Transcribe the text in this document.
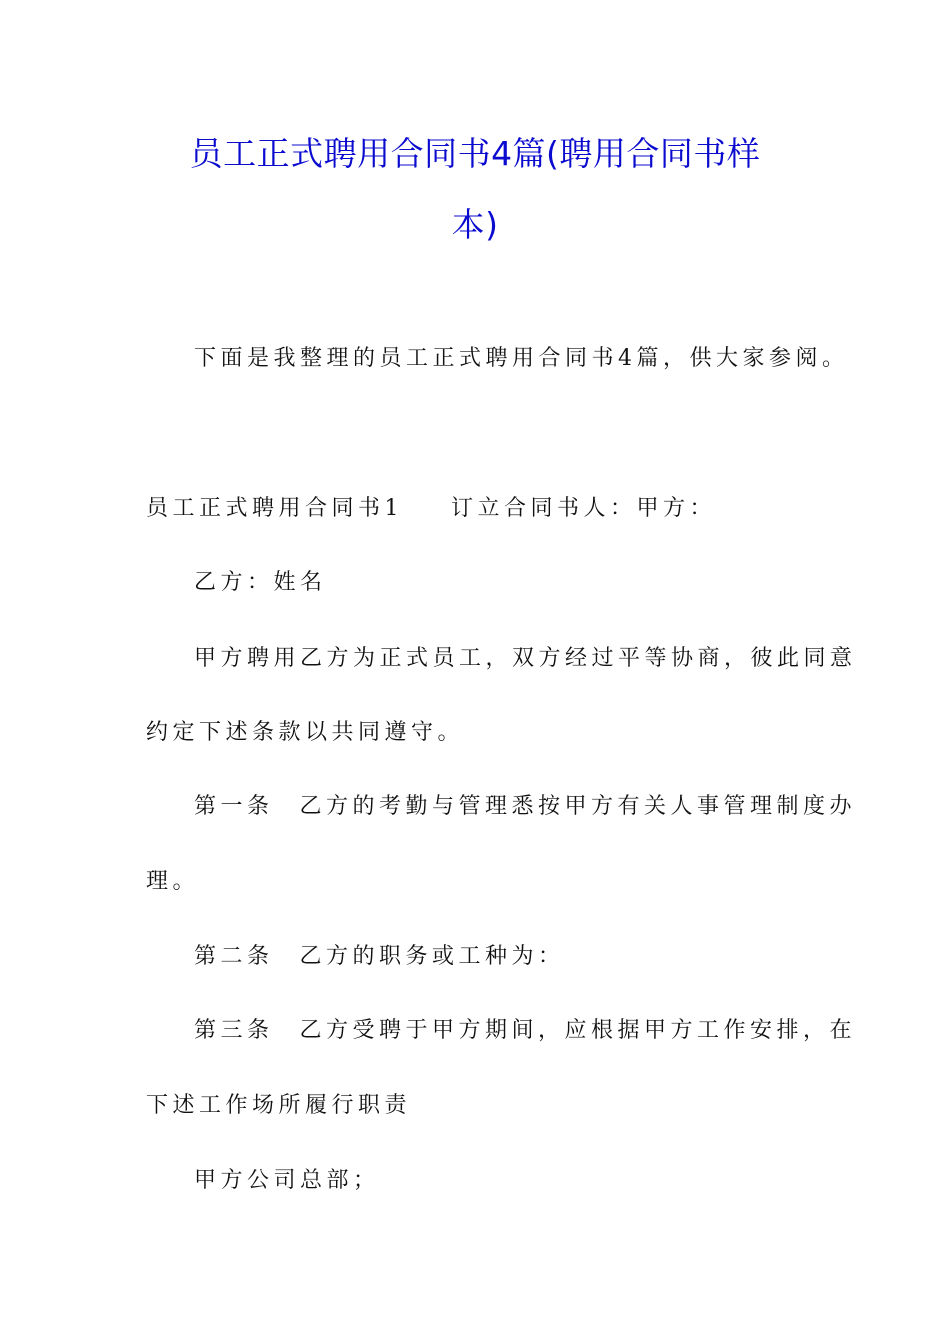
员工正式聘用合同书4篇(聘用合同书样
本)
下面是我整理的员工正式聘用合同书4篇，供大家参阅。
员工正式聘用合同书1 订立合同书人：甲方：
乙方：姓名
甲方聘用乙方为正式员工，双方经过平等协商，彼此同意
约定下述条款以共同遵守。
第一条 乙方的考勤与管理悉按甲方有关人事管理制度办
理。
第二条 乙方的职务或工种为：
第三条 乙方受聘于甲方期间，应根据甲方工作安排，在
下述工作场所履行职责
甲方公司总部；
